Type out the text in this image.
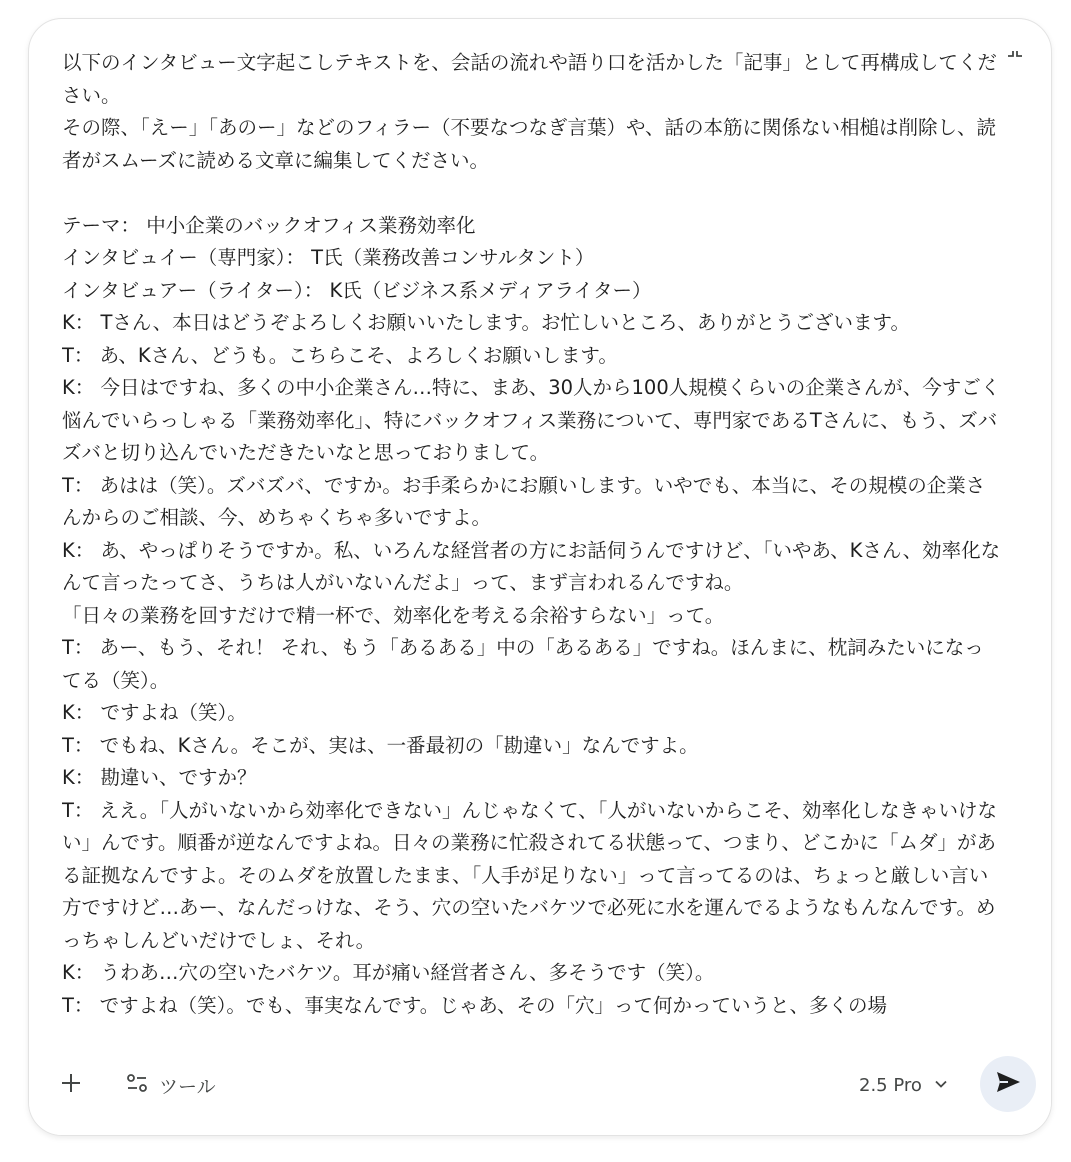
以下のインタビュー文字起こしテキストを、会話の流れや語り口を活かした「記事」として再構成してください。
その際、「えー」「あのー」などのフィラー（不要なつなぎ言葉）や、話の本筋に関係ない相槌は削除し、読者がスムーズに読める文章に編集してください。

テーマ： 中小企業のバックオフィス業務効率化
インタビュイー（専門家）： T氏（業務改善コンサルタント）
インタビュアー（ライター）： K氏（ビジネス系メディアライター）
K： Tさん、本日はどうぞよろしくお願いいたします。お忙しいところ、ありがとうございます。
T： あ、Kさん、どうも。こちらこそ、よろしくお願いします。
K： 今日はですね、多くの中小企業さん…特に、まあ、30人から100人規模くらいの企業さんが、今すごく悩んでいらっしゃる「業務効率化」、特にバックオフィス業務について、専門家であるTさんに、もう、ズバズバと切り込んでいただきたいなと思っておりまして。
T： あはは（笑）。ズバズバ、ですか。お手柔らかにお願いします。いやでも、本当に、その規模の企業さんからのご相談、今、めちゃくちゃ多いですよ。
K： あ、やっぱりそうですか。私、いろんな経営者の方にお話伺うんですけど、「いやあ、Kさん、効率化なんて言ったってさ、うちは人がいないんだよ」って、まず言われるんですね。
「日々の業務を回すだけで精一杯で、効率化を考える余裕すらない」って。
T： あー、もう、それ！ それ、もう「あるある」中の「あるある」ですね。ほんまに、枕詞みたいになってる（笑）。
K： ですよね（笑）。
T： でもね、Kさん。そこが、実は、一番最初の「勘違い」なんですよ。
K： 勘違い、ですか？
T： ええ。「人がいないから効率化できない」んじゃなくて、「人がいないからこそ、効率化しなきゃいけない」んです。順番が逆なんですよね。日々の業務に忙殺されてる状態って、つまり、どこかに「ムダ」がある証拠なんですよ。そのムダを放置したまま、「人手が足りない」って言ってるのは、ちょっと厳しい言い方ですけど…あー、なんだっけな、そう、穴の空いたバケツで必死に水を運んでるようなもんなんです。めっちゃしんどいだけでしょ、それ。
K： うわあ…穴の空いたバケツ。耳が痛い経営者さん、多そうです（笑）。
T： ですよね（笑）。でも、事実なんです。じゃあ、その「穴」って何かっていうと、多くの場
ツール	2.5 Pro
